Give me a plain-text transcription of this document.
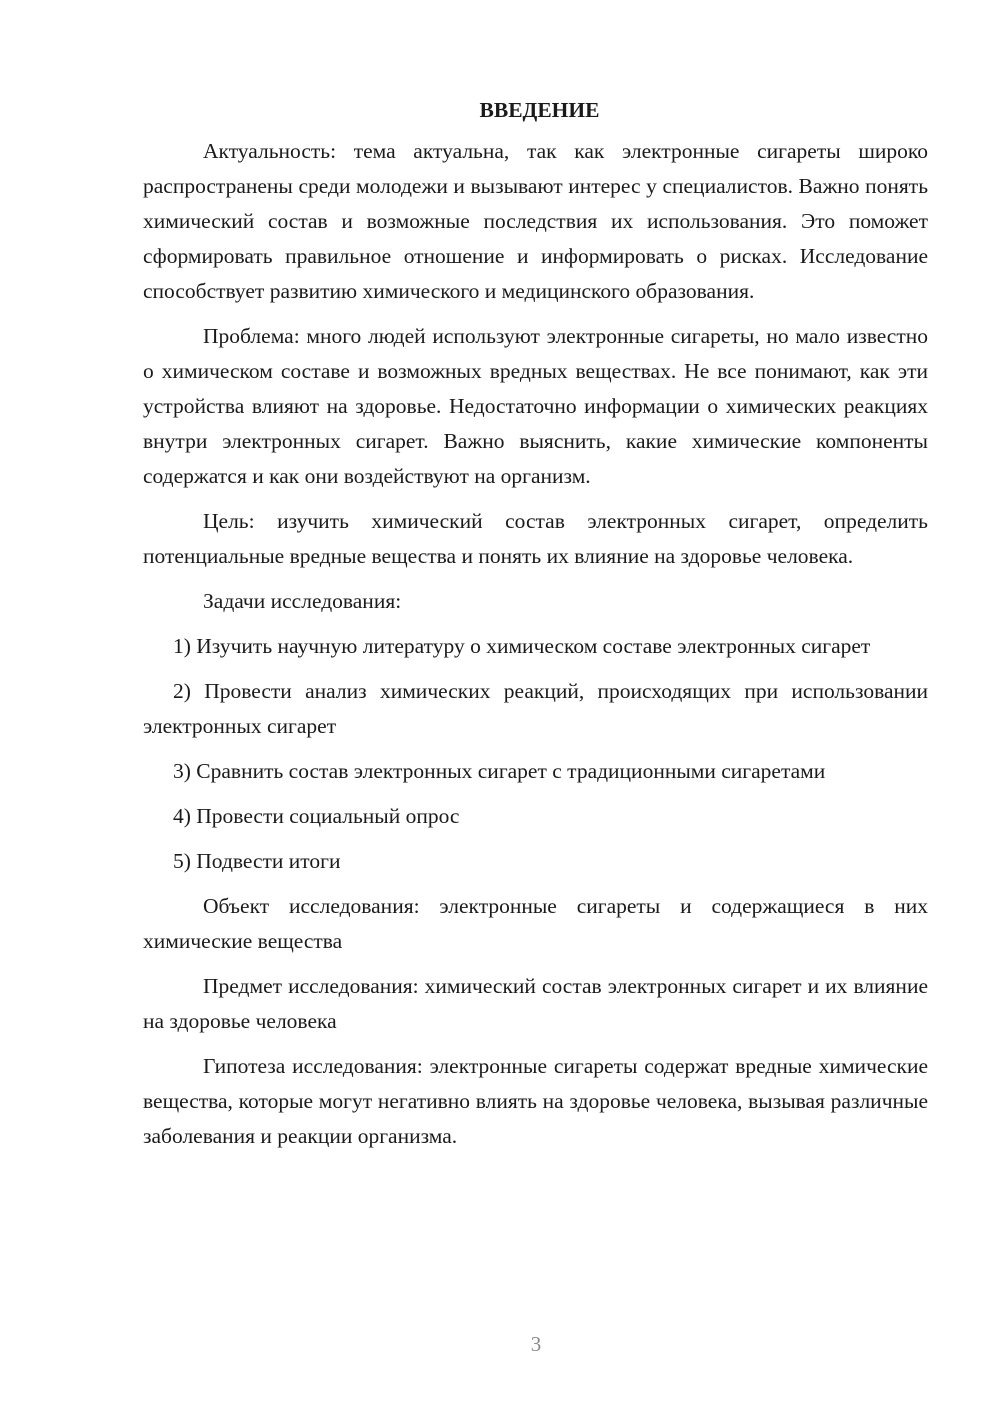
ВВЕДЕНИЕ

Актуальность: тема актуальна, так как электронные сигареты широко распространены среди молодежи и вызывают интерес у специалистов. Важно понять химический состав и возможные последствия их использования. Это поможет сформировать правильное отношение и информировать о рисках. Исследование способствует развитию химического и медицинского образования.

Проблема: много людей используют электронные сигареты, но мало известно о химическом составе и возможных вредных веществах. Не все понимают, как эти устройства влияют на здоровье. Недостаточно информации о химических реакциях внутри электронных сигарет. Важно выяснить, какие химические компоненты содержатся и как они воздействуют на организм.

Цель: изучить химический состав электронных сигарет, определить потенциальные вредные вещества и понять их влияние на здоровье человека.

Задачи исследования:

1) Изучить научную литературу о химическом составе электронных сигарет

2) Провести анализ химических реакций, происходящих при использовании электронных сигарет

3) Сравнить состав электронных сигарет с традиционными сигаретами

4) Провести социальный опрос

5) Подвести итоги

Объект исследования: электронные сигареты и содержащиеся в них химические вещества

Предмет исследования: химический состав электронных сигарет и их влияние на здоровье человека

Гипотеза исследования: электронные сигареты содержат вредные химические вещества, которые могут негативно влиять на здоровье человека, вызывая различные заболевания и реакции организма.

3
